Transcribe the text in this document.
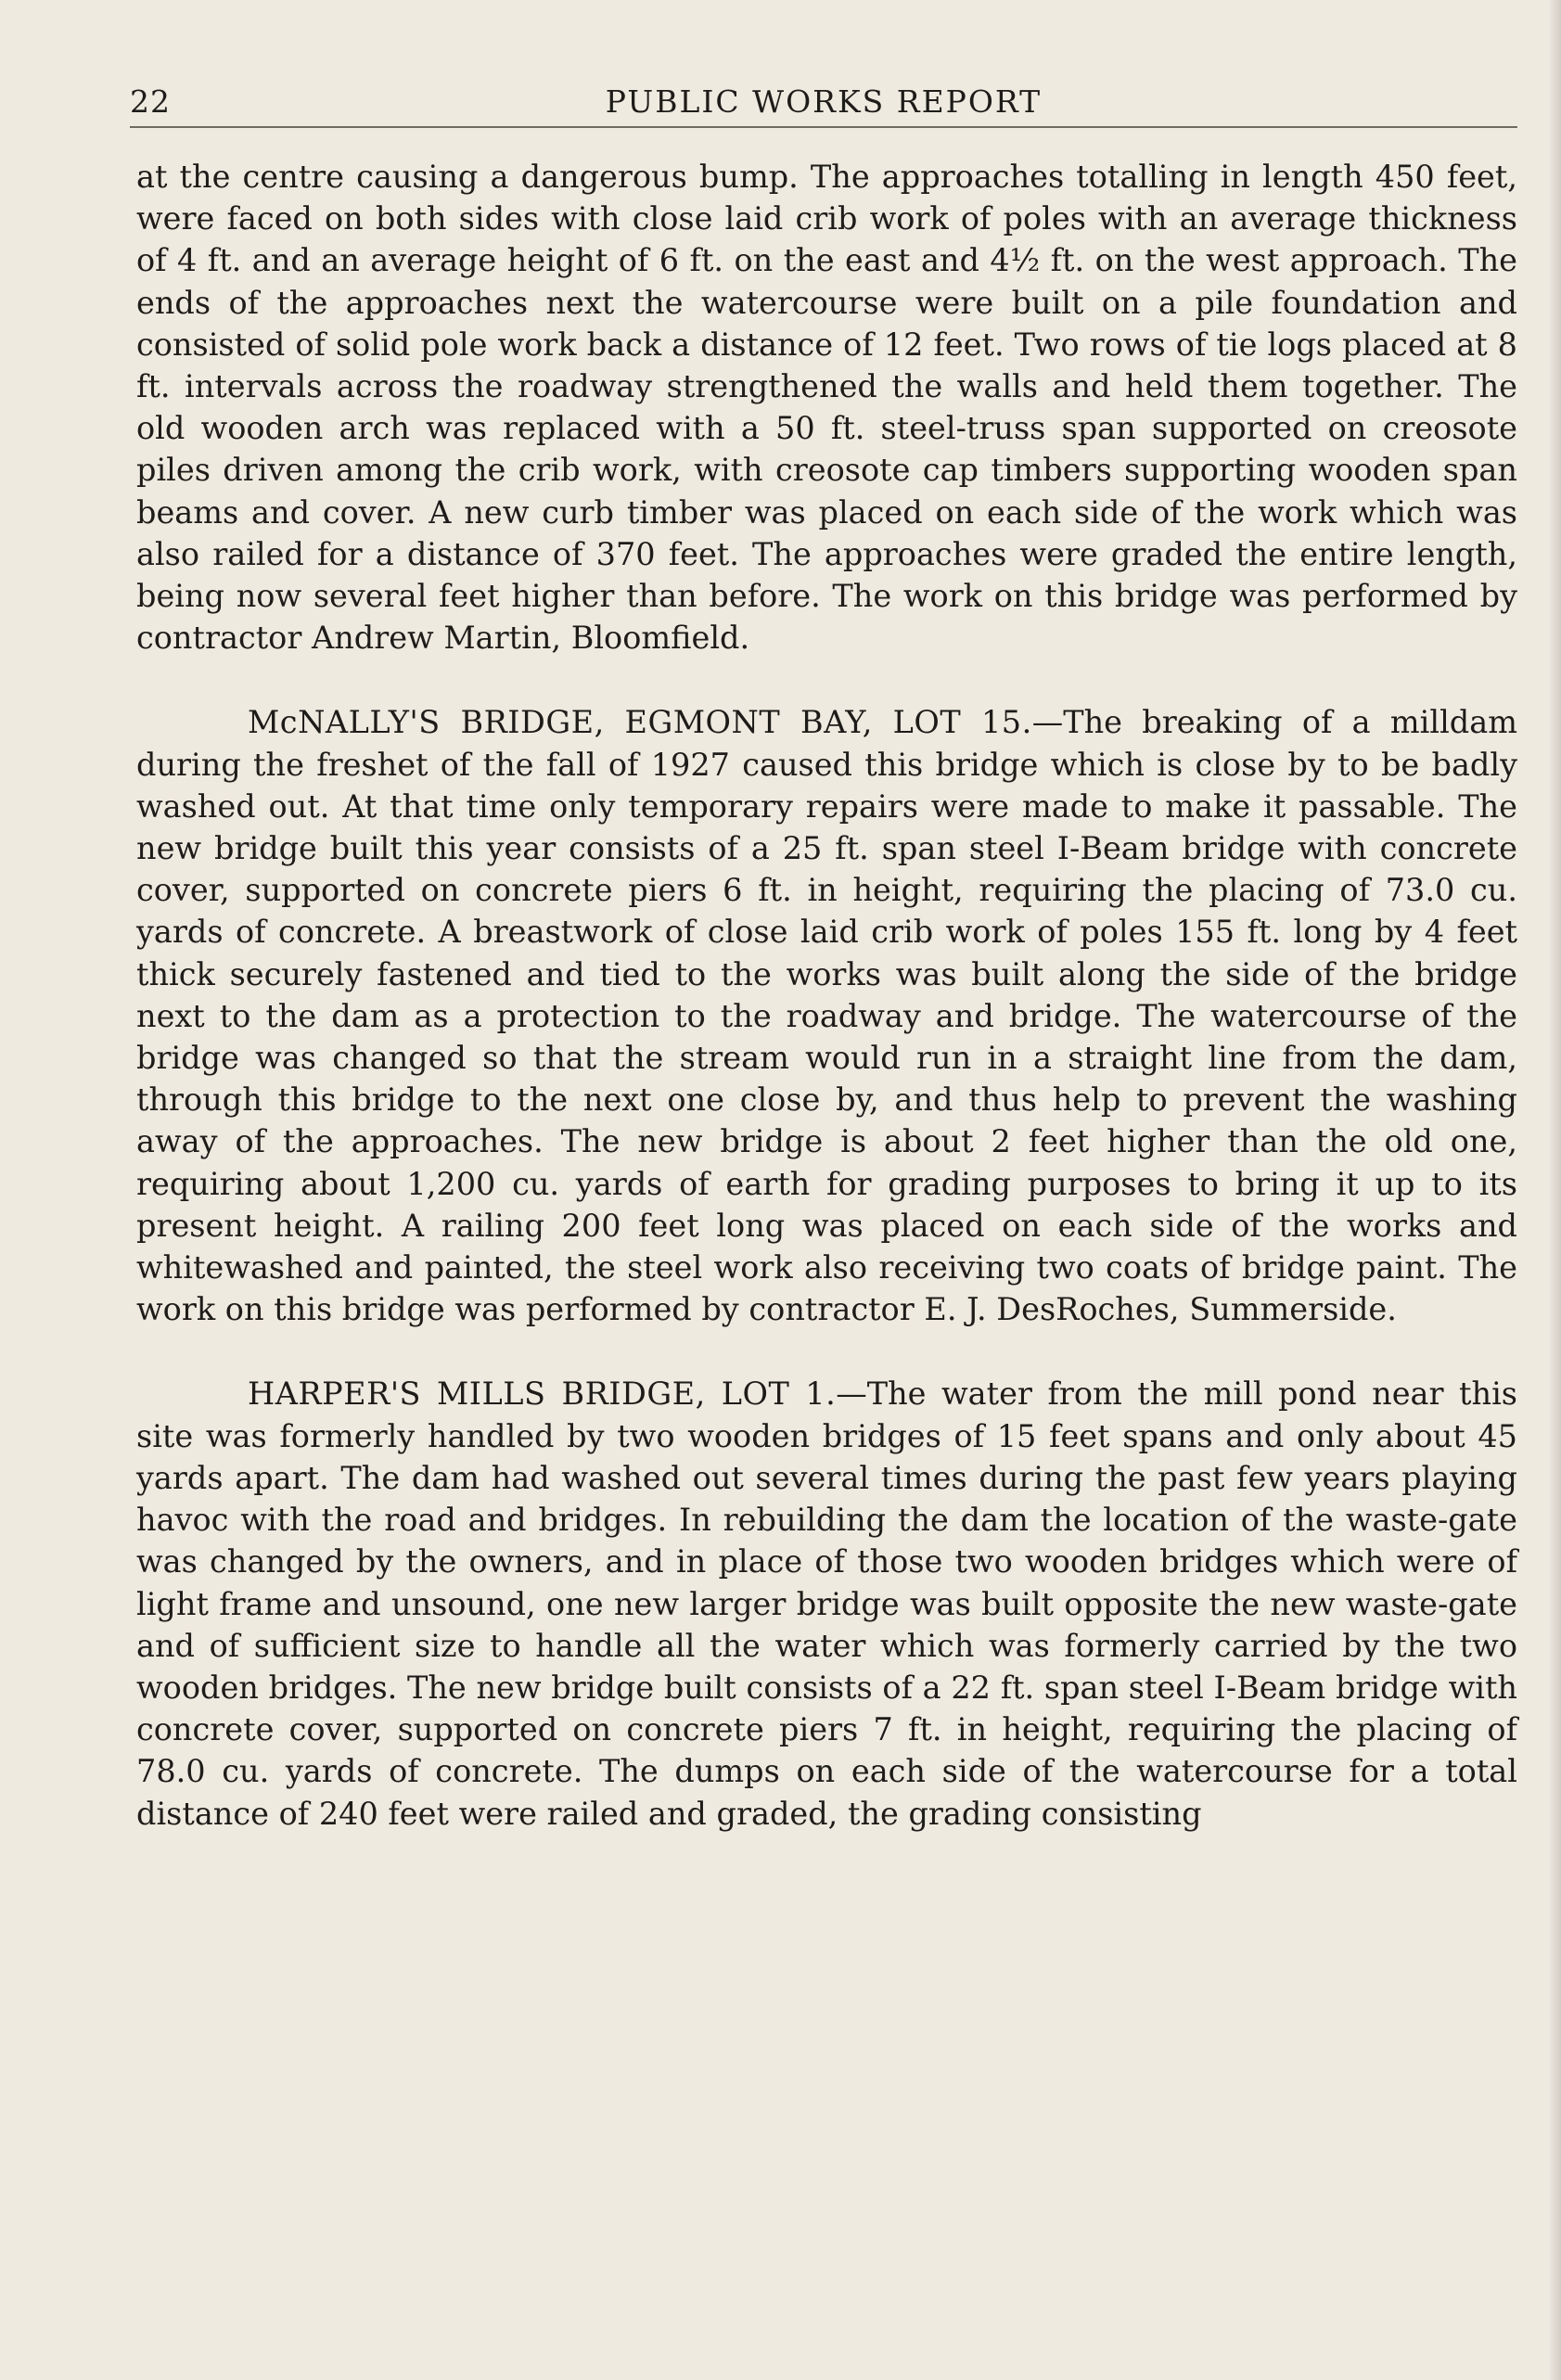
22	PUBLIC WORKS REPORT

at the centre causing a dangerous bump. The approaches totalling in length 450 feet, were faced on both sides with close laid crib work of poles with an average thickness of 4 ft. and an average height of 6 ft. on the east and 4½ ft. on the west approach. The ends of the approaches next the watercourse were built on a pile foundation and consisted of solid pole work back a distance of 12 feet. Two rows of tie logs placed at 8 ft. intervals across the roadway strengthened the walls and held them together. The old wooden arch was replaced with a 50 ft. steel-truss span supported on creosote piles driven among the crib work, with creosote cap timbers supporting wooden span beams and cover. A new curb timber was placed on each side of the work which was also railed for a distance of 370 feet. The approaches were graded the entire length, being now several feet higher than before. The work on this bridge was performed by contractor Andrew Martin, Bloomfield.

McNALLY'S BRIDGE, EGMONT BAY, LOT 15.—The breaking of a milldam during the freshet of the fall of 1927 caused this bridge which is close by to be badly washed out. At that time only temporary repairs were made to make it passable. The new bridge built this year consists of a 25 ft. span steel I-Beam bridge with concrete cover, supported on concrete piers 6 ft. in height, requiring the placing of 73.0 cu. yards of concrete. A breastwork of close laid crib work of poles 155 ft. long by 4 feet thick securely fastened and tied to the works was built along the side of the bridge next to the dam as a protection to the roadway and bridge. The watercourse of the bridge was changed so that the stream would run in a straight line from the dam, through this bridge to the next one close by, and thus help to prevent the washing away of the approaches. The new bridge is about 2 feet higher than the old one, requiring about 1,200 cu. yards of earth for grading purposes to bring it up to its present height. A railing 200 feet long was placed on each side of the works and whitewashed and painted, the steel work also receiving two coats of bridge paint. The work on this bridge was performed by contractor E. J. DesRoches, Summerside.

HARPER'S MILLS BRIDGE, LOT 1.—The water from the mill pond near this site was formerly handled by two wooden bridges of 15 feet spans and only about 45 yards apart. The dam had washed out several times during the past few years playing havoc with the road and bridges. In rebuilding the dam the location of the waste-gate was changed by the owners, and in place of those two wooden bridges which were of light frame and unsound, one new larger bridge was built opposite the new waste-gate and of sufficient size to handle all the water which was formerly carried by the two wooden bridges. The new bridge built consists of a 22 ft. span steel I-Beam bridge with concrete cover, supported on concrete piers 7 ft. in height, requiring the placing of 78.0 cu. yards of concrete. The dumps on each side of the watercourse for a total distance of 240 feet were railed and graded, the grading consisting
